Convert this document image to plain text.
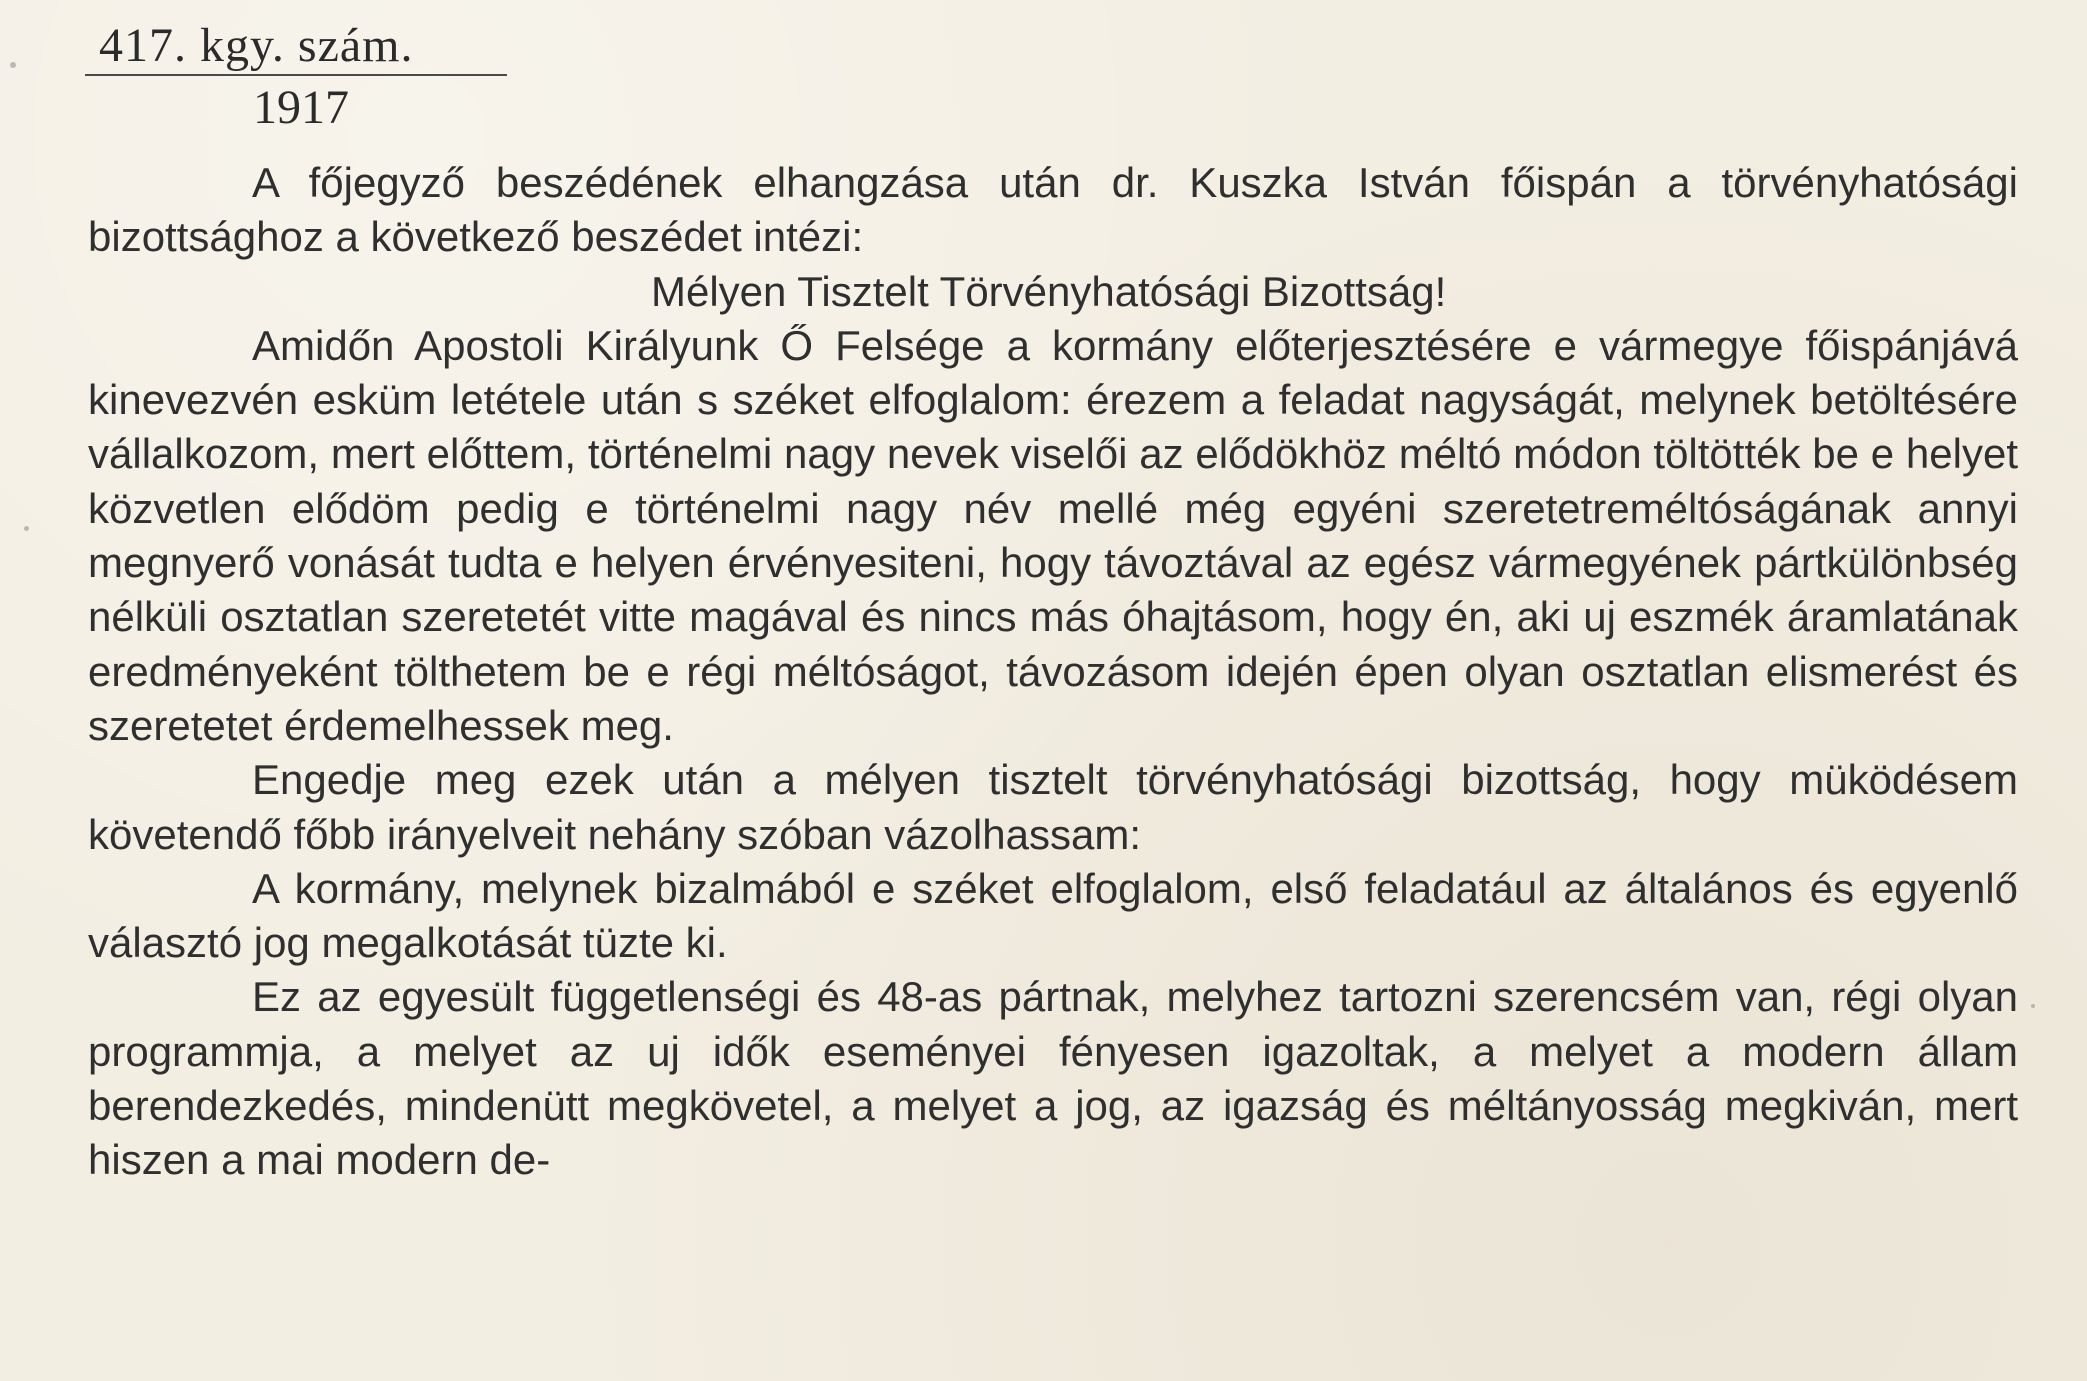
417. kgy. szám.

1917

A főjegyző beszédének elhangzása után dr. Kuszka István főispán a törvényhatósági bizottsághoz a következő beszédet intézi:

Mélyen Tisztelt Törvényhatósági Bizottság!

Amidőn Apostoli Királyunk Ő Felsége a kormány előterjesztésére e vármegye főispánjává kinevezvén esküm letétele után s széket elfoglalom: érezem a feladat nagyságát, melynek betöltésére vállalkozom, mert előttem, történelmi nagy nevek viselői az elődökhöz méltó módon töltötték be e helyet közvetlen elődöm pedig e történelmi nagy név mellé még egyéni szeretetreméltóságának annyi megnyerő vonását tudta e helyen érvényesiteni, hogy távoztával az egész vármegyének pártkülönbség nélküli osztatlan szeretetét vitte magával és nincs más óhajtásom, hogy én, aki uj eszmék áramlatának eredményeként tölthetem be e régi méltóságot, távozásom idején épen olyan osztatlan elismerést és szeretetet érdemelhessek meg.

Engedje meg ezek után a mélyen tisztelt törvényhatósági bizottság, hogy müködésem követendő főbb irányelveit nehány szóban vázolhassam:

A kormány, melynek bizalmából e széket elfoglalom, első feladatául az általános és egyenlő választó jog megalkotását tüzte ki.

Ez az egyesült függetlenségi és 48-as pártnak, melyhez tartozni szerencsém van, régi olyan programmja, a melyet az uj idők eseményei fényesen igazoltak, a melyet a modern állam berendezkedés, mindenütt megkövetel, a melyet a jog, az igazság és méltányosság megkiván, mert hiszen a mai modern de-
